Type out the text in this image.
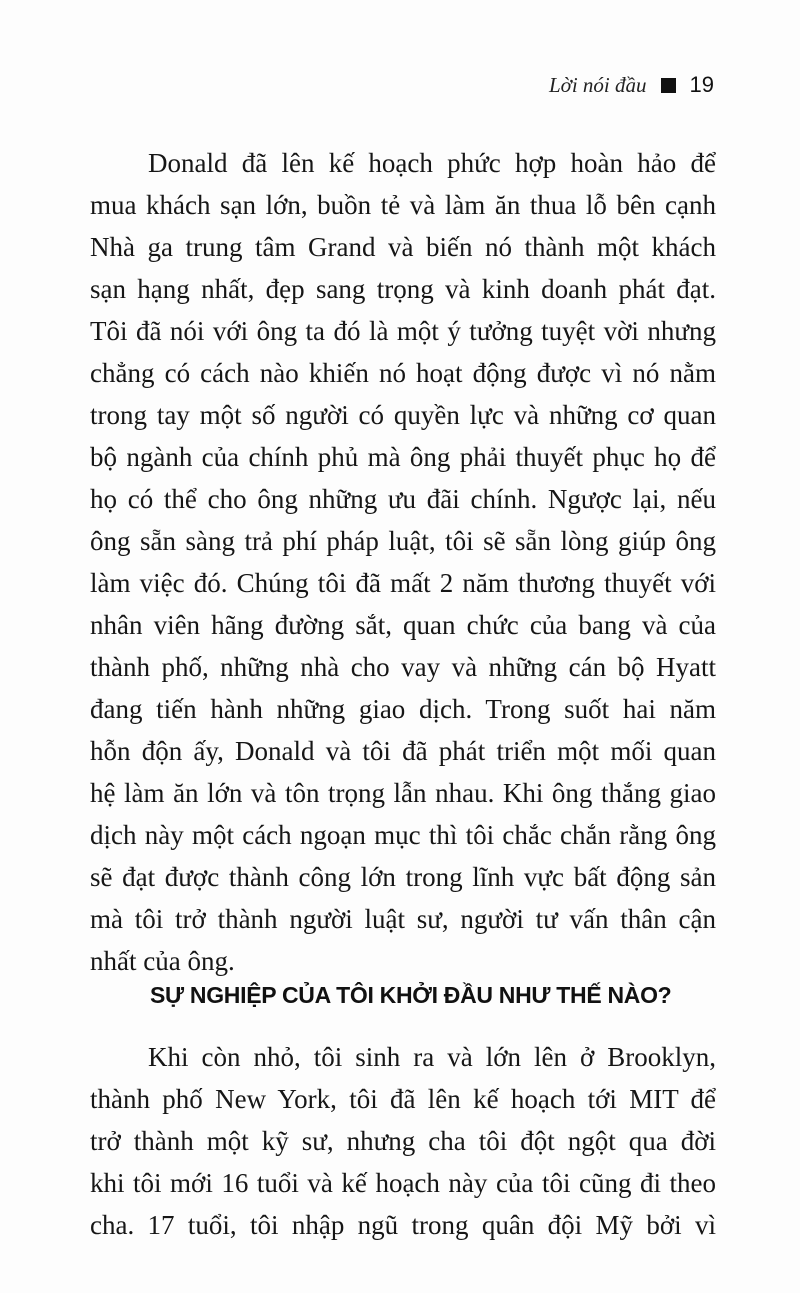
Lời nói đầu 19
Donald đã lên kế hoạch phức hợp hoàn hảo để
mua khách sạn lớn, buồn tẻ và làm ăn thua lỗ bên cạnh
Nhà ga trung tâm Grand và biến nó thành một khách
sạn hạng nhất, đẹp sang trọng và kinh doanh phát đạt.
Tôi đã nói với ông ta đó là một ý tưởng tuyệt vời nhưng
chẳng có cách nào khiến nó hoạt động được vì nó nằm
trong tay một số người có quyền lực và những cơ quan
bộ ngành của chính phủ mà ông phải thuyết phục họ để
họ có thể cho ông những ưu đãi chính. Ngược lại, nếu
ông sẵn sàng trả phí pháp luật, tôi sẽ sẵn lòng giúp ông
làm việc đó. Chúng tôi đã mất 2 năm thương thuyết với
nhân viên hãng đường sắt, quan chức của bang và của
thành phố, những nhà cho vay và những cán bộ Hyatt
đang tiến hành những giao dịch. Trong suốt hai năm
hỗn độn ấy, Donald và tôi đã phát triển một mối quan
hệ làm ăn lớn và tôn trọng lẫn nhau. Khi ông thắng giao
dịch này một cách ngoạn mục thì tôi chắc chắn rằng ông
sẽ đạt được thành công lớn trong lĩnh vực bất động sản
mà tôi trở thành người luật sư, người tư vấn thân cận
nhất của ông.
SỰ NGHIỆP CỦA TÔI KHỞI ĐẦU NHƯ THẾ NÀO?
Khi còn nhỏ, tôi sinh ra và lớn lên ở Brooklyn,
thành phố New York, tôi đã lên kế hoạch tới MIT để
trở thành một kỹ sư, nhưng cha tôi đột ngột qua đời
khi tôi mới 16 tuổi và kế hoạch này của tôi cũng đi theo
cha. 17 tuổi, tôi nhập ngũ trong quân đội Mỹ bởi vì
